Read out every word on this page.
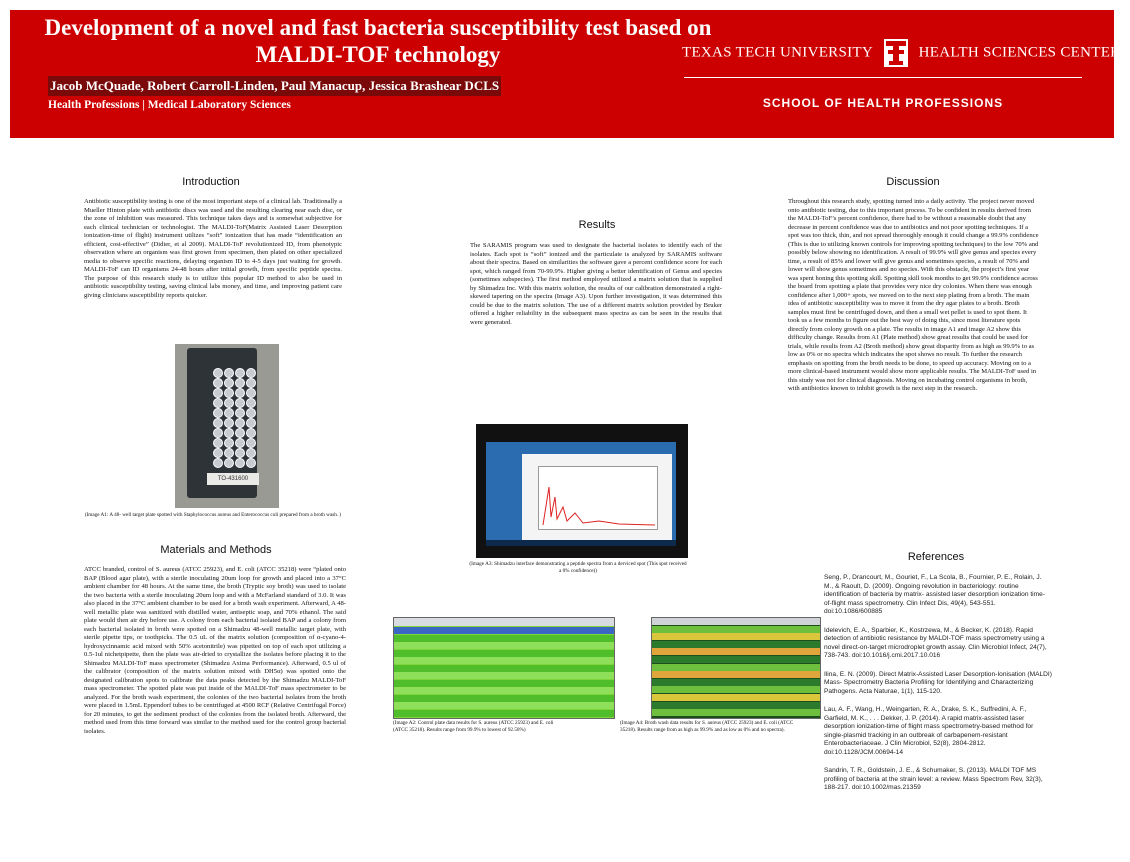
Development of a novel and fast bacteria susceptibility test based on MALDI-TOF technology
Jacob McQuade, Robert Carroll-Linden, Paul Manacup, Jessica Brashear DCLS
Health Professions | Medical Laboratory Sciences
TEXAS TECH UNIVERSITY	HEALTH SCIENCES CENTERTM
SCHOOL OF HEALTH PROFESSIONS
Introduction
Antibiotic susceptibility testing is one of the most important steps of a clinical lab. Traditionally a Mueller Hinton plate with antibiotic discs was used and the resulting clearing near each disc, or the zone of inhibition was measured. This technique takes days and is somewhat subjective for each clinical technician or technologist. The MALDI-ToF(Matrix Assisted Laser Desorption ionization-time of flight) instrument utilizes “soft” ionization that has made “identification an efficient, cost-effective” (Didier, et al 2009). MALDI-ToF revolutionized ID, from phenotypic observation where an organism was first grown from specimen, then plated on other specialized media to observe specific reactions, delaying organism ID to 4-5 days just waiting for growth. MALDI-ToF can ID organisms 24-48 hours after initial growth, from specific peptide spectra. The purpose of this research study is to utilize this popular ID method to also be used in antibiotic susceptibility testing, saving clinical labs money, and time, and improving patient care giving clinicians susceptibility reports quicker.
TO-431600
(Image A1: A 48- well target plate spotted with Staphylococcus aureus and Enterococcus coli prepared from a broth wash. )
Materials and Methods
ATCC branded, control of S. aureus (ATCC 25923), and E. coli (ATCC 35218) were “plated onto BAP (Blood agar plate), with a sterile inoculating 20um loop for growth and placed into a 37°C ambient chamber for 48 hours. At the same time, the broth (Tryptic soy broth) was used to isolate the two bacteria with a sterile inoculating 20um loop and with a McFarland standard of 3.0. It was also placed in the 37°C ambient chamber to be used for a broth wash experiment. Afterward, A 48-well metallic plate was sanitized with distilled water, antiseptic soap, and 70% ethanol. The said plate would then air dry before use. A colony from each bacterial isolated BAP and a colony from each bacterial isolated in broth were spotted on a Shimadzu 48-well metallic target plate, with sterile pipette tips, or toothpicks. The 0.5 uL of the matrix solution (composition of α-cyano-4-hydroxycinnamic acid mixed with 50% acetonitrile) was pipetted on top of each spot utilizing a 0.5-1ul nichetpipette, then the plate was air-dried to crystallize the isolates before placing it to the Shimadzu MALDI-ToF mass spectrometer (Shimadzu Axima Performance). Afterward, 0.5 ul of the calibrator (composition of the matrix solution mixed with DH5α) was spotted onto the designated calibration spots to calibrate the data peaks detected by the Shimadzu MALDI-ToF mass spectrometer. The spotted plate was put inside of the MALDI-ToF mass spectrometer to be analyzed. For the broth wash experiment, the colonies of the two bacterial isolates from the broth were placed in 1.5mL Eppendorf tubes to be centrifuged at 4500 RCF (Relative Centrifugal Force) for 20 minutes, to get the sediment product of the colonies from the isolated broth. Afterward, the method used from this time forward was similar to the method used for the control group bacterial isolates.
Results
The SARAMIS program was used to designate the bacterial isolates to identify each of the isolates. Each spot is “soft” ionized and the particulate is analyzed by SARAMIS software about their spectra. Based on similarities the software gave a percent confidence score for each spot, which ranged from 70-99.9%. Higher giving a better identification of Genus and species (sometimes subspecies). The first method employed utilized a matrix solution that is supplied by Shimadzu Inc. With this matrix solution, the results of our calibration demonstrated a right-skewed tapering on the spectra (Image A3). Upon further investigation, it was determined this could be due to the matrix solution. The use of a different matrix solution provided by Bruker offered a higher reliability in the subsequent mass spectra as can be seen in the results that were generated.
(Image A3: Shimadzu interface demonstrating a peptide spectra from a derviced spot (This spot received a 0% confidence))
(Image A2: Control plate data results for S. aureus (ATCC 25923) and E. coli (ATCC 35218). Results range from 99.9% to lowest of 92.50%)
(Image A4: Broth wash data results for S. aureus (ATCC 25923) and E. coli (ATCC 35218). Results range from as high as 99.9% and as low as 0% and no spectra).
Discussion
Throughout this research study, spotting turned into a daily activity. The project never moved onto antibiotic testing, due to this important process. To be confident in results derived from the MALDI-ToF’s percent confidence, there had to be without a reasonable doubt that any decrease in percent confidence was due to antibiotics and not poor spotting techniques. If a spot was too thick, thin, and not spread thoroughly enough it could change a 99.9% confidence (This is due to utilizing known controls for improving spotting techniques) to the low 70% and possibly below showing no identification. A result of 99.9% will give genus and species every time, a result of 85% and lower will give genus and sometimes species, a result of 70% and lower will show genus sometimes and no species. With this obstacle, the project’s first year was spent honing this spotting skill. Spotting skill took months to get 99.9% confidence across the board from spotting a plate that provides very nice dry colonies. When there was enough confidence after 1,000+ spots, we moved on to the next step plating from a broth. The main idea of antibiotic susceptibility was to move it from the dry agar plates to a broth. Broth samples must first be centrifuged down, and then a small wet pellet is used to spot them. It took us a few months to figure out the best way of doing this, since most literature spots directly from colony growth on a plate. The results in image A1 and image A2 show this difficulty change. Results from A1 (Plate method) show great results that could be used for trials, while results from A2 (Broth method) show great disparity from as high as 99.9% to as low as 0% or no spectra which indicates the spot shows no result. To further the research emphasis on spotting from the broth needs to be done, to speed up accuracy. Moving on to a more clinical-based instrument would show more applicable results. The MALDI-ToF used in this study was not for clinical diagnosis. Moving on incubating control organisms in broth, with antibiotics known to inhibit growth is the next step in the research.
References

Seng, P., Drancourt, M., Gouriet, F., La Scola, B., Fournier, P. E., Rolain, J. M., & Raoult, D. (2009). Ongoing revolution in bacteriology: routine identification of bacteria by matrix- assisted laser desorption ionization time-of-flight mass spectrometry. Clin Infect Dis, 49(4), 543-551. doi:10.1086/600885

Idelevich, E. A., Sparbier, K., Kostrzewa, M., & Becker, K. (2018). Rapid detection of antibiotic resistance by MALDI-TOF mass spectrometry using a novel direct-on-target microdroplet growth assay. Clin Microbiol Infect, 24(7), 738-743. doi:10.1016/j.cmi.2017.10.016

Ilina, E. N. (2009). Direct Matrix-Assisted Laser Desorption-Ionisation (MALDI) Mass- Spectrometry Bacteria Profiling for Identifying and Characterizing Pathogens. Acta Naturae, 1(1), 115-120.

Lau, A. F., Wang, H., Weingarten, R. A., Drake, S. K., Suffredini, A. F., Garfield, M. K., . . . Dekker, J. P. (2014). A rapid matrix-assisted laser desorption ionization-time of flight mass spectrometry-based method for single-plasmid tracking in an outbreak of carbapenem-resistant Enterobacteriaceae. J Clin Microbiol, 52(8), 2804-2812. doi:10.1128/JCM.00694-14

Sandrin, T. R., Goldstein, J. E., & Schumaker, S. (2013). MALDI TOF MS profiling of bacteria at the strain level: a review. Mass Spectrom Rev, 32(3), 188-217. doi:10.1002/mas.21359
